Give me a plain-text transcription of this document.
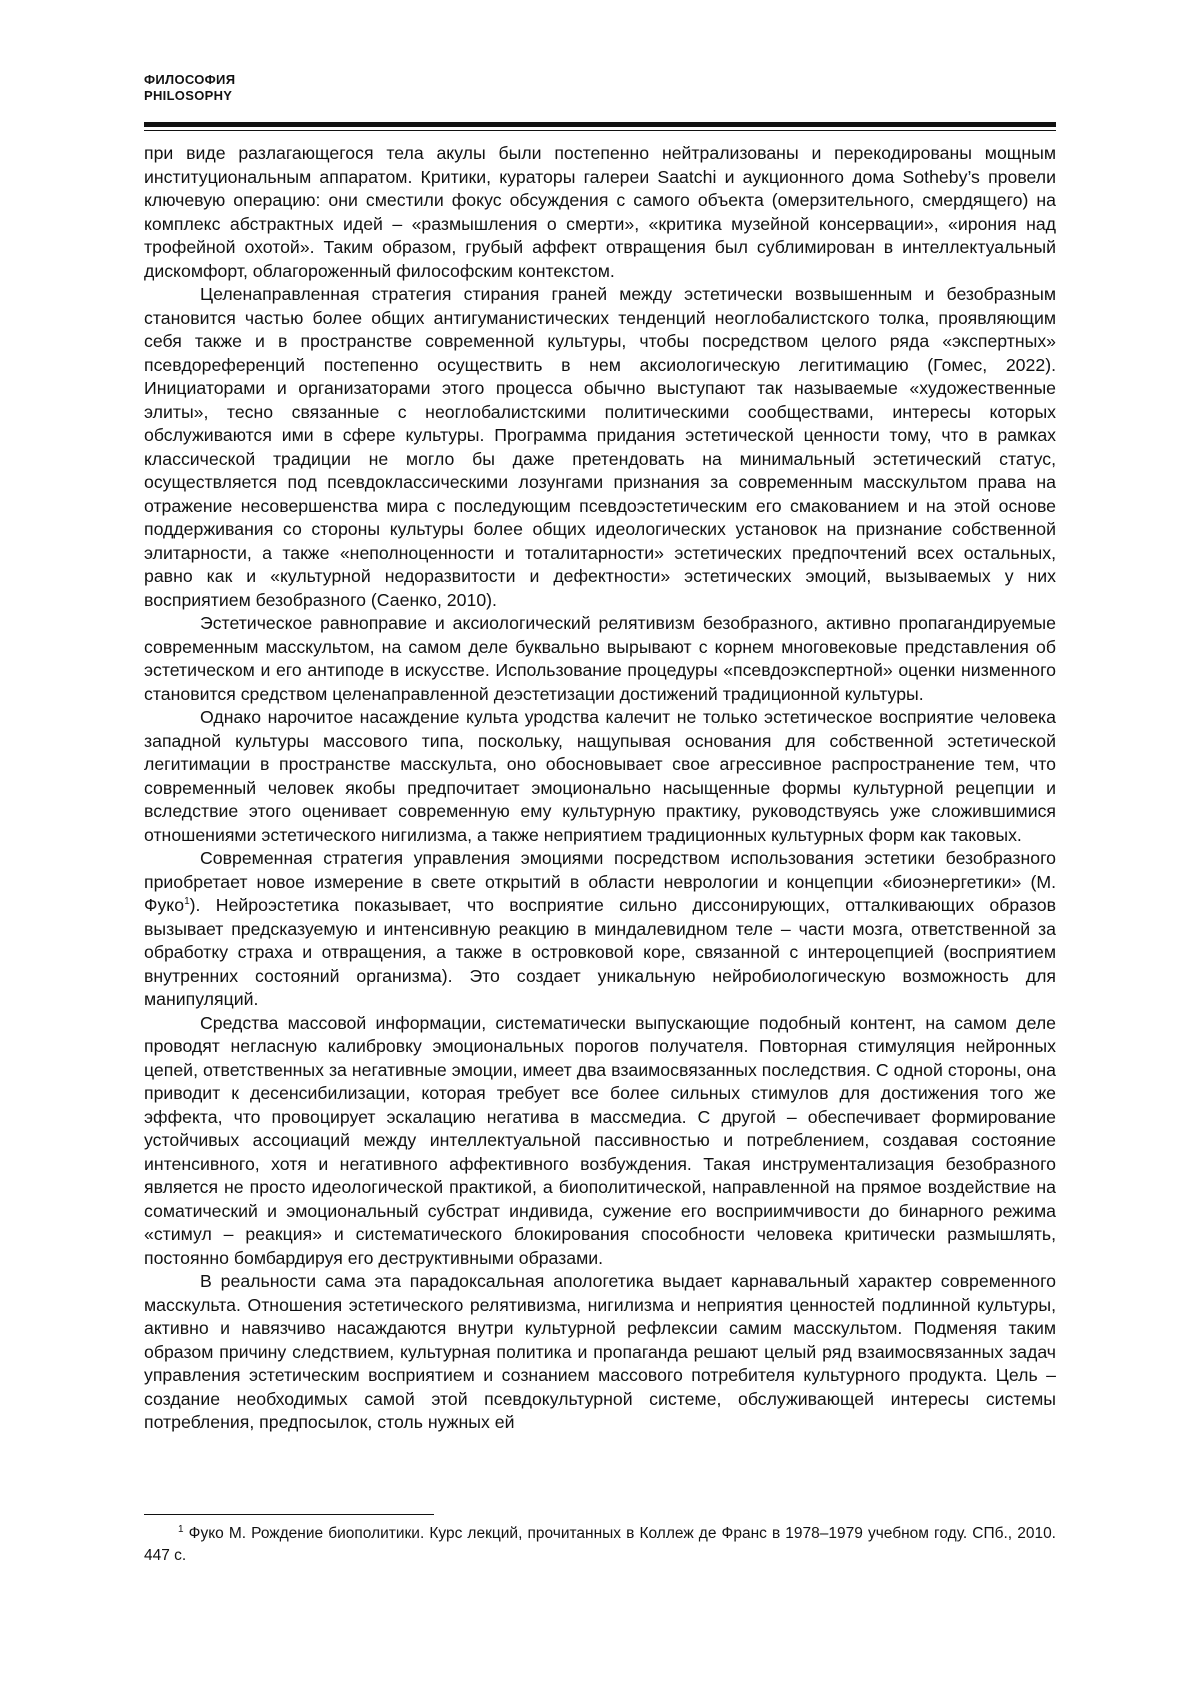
ФИЛОСОФИЯ
PHILOSOPHY

при виде разлагающегося тела акулы были постепенно нейтрализованы и перекодированы мощным институциональным аппаратом. Критики, кураторы галереи Saatchi и аукционного дома Sotheby’s провели ключевую операцию: они сместили фокус обсуждения с самого объекта (омерзительного, смердящего) на комплекс абстрактных идей – «размышления о смерти», «критика музейной консервации», «ирония над трофейной охотой». Таким образом, грубый аффект отвращения был сублимирован в интеллектуальный дискомфорт, облагороженный философским контекстом.

Целенаправленная стратегия стирания граней между эстетически возвышенным и безобразным становится частью более общих антигуманистических тенденций неоглобалистского толка, проявляющим себя также и в пространстве современной культуры, чтобы посредством целого ряда «экспертных» псевдореференций постепенно осуществить в нем аксиологическую легитимацию (Гомес, 2022). Инициаторами и организаторами этого процесса обычно выступают так называемые «художественные элиты», тесно связанные с неоглобалистскими политическими сообществами, интересы которых обслуживаются ими в сфере культуры. Программа придания эстетической ценности тому, что в рамках классической традиции не могло бы даже претендовать на минимальный эстетический статус, осуществляется под псевдоклассическими лозунгами признания за современным масскультом права на отражение несовершенства мира с последующим псевдоэстетическим его смакованием и на этой основе поддерживания со стороны культуры более общих идеологических установок на признание собственной элитарности, а также «неполноценности и тоталитарности» эстетических предпочтений всех остальных, равно как и «культурной недоразвитости и дефектности» эстетических эмоций, вызываемых у них восприятием безобразного (Саенко, 2010).

Эстетическое равноправие и аксиологический релятивизм безобразного, активно пропагандируемые современным масскультом, на самом деле буквально вырывают с корнем многовековые представления об эстетическом и его антиподе в искусстве. Использование процедуры «псевдоэкспертной» оценки низменного становится средством целенаправленной деэстетизации достижений традиционной культуры.

Однако нарочитое насаждение культа уродства калечит не только эстетическое восприятие человека западной культуры массового типа, поскольку, нащупывая основания для собственной эстетической легитимации в пространстве масскульта, оно обосновывает свое агрессивное распространение тем, что современный человек якобы предпочитает эмоционально насыщенные формы культурной рецепции и вследствие этого оценивает современную ему культурную практику, руководствуясь уже сложившимися отношениями эстетического нигилизма, а также неприятием традиционных культурных форм как таковых.

Современная стратегия управления эмоциями посредством использования эстетики безобразного приобретает новое измерение в свете открытий в области неврологии и концепции «биоэнергетики» (М. Фуко$^1$). Нейроэстетика показывает, что восприятие сильно диссонирующих, отталкивающих образов вызывает предсказуемую и интенсивную реакцию в миндалевидном теле – части мозга, ответственной за обработку страха и отвращения, а также в островковой коре, связанной с интероцепцией (восприятием внутренних состояний организма). Это создает уникальную нейробиологическую возможность для манипуляций.

Средства массовой информации, систематически выпускающие подобный контент, на самом деле проводят негласную калибровку эмоциональных порогов получателя. Повторная стимуляция нейронных цепей, ответственных за негативные эмоции, имеет два взаимосвязанных последствия. С одной стороны, она приводит к десенсибилизации, которая требует все более сильных стимулов для достижения того же эффекта, что провоцирует эскалацию негатива в массмедиа. С другой – обеспечивает формирование устойчивых ассоциаций между интеллектуальной пассивностью и потреблением, создавая состояние интенсивного, хотя и негативного аффективного возбуждения. Такая инструментализация безобразного является не просто идеологической практикой, а биополитической, направленной на прямое воздействие на соматический и эмоциональный субстрат индивида, сужение его восприимчивости до бинарного режима «стимул – реакция» и систематического блокирования способности человека критически размышлять, постоянно бомбардируя его деструктивными образами.

В реальности сама эта парадоксальная апологетика выдает карнавальный характер современного масскульта. Отношения эстетического релятивизма, нигилизма и неприятия ценностей подлинной культуры, активно и навязчиво насаждаются внутри культурной рефлексии самим масскультом. Подменяя таким образом причину следствием, культурная политика и пропаганда решают целый ряд взаимосвязанных задач управления эстетическим восприятием и сознанием массового потребителя культурного продукта. Цель – создание необходимых самой этой псевдокультурной системе, обслуживающей интересы системы потребления, предпосылок, столь нужных ей

$^1$ Фуко М. Рождение биополитики. Курс лекций, прочитанных в Коллеж де Франс в 1978–1979 учебном году. СПб., 2010. 447 с.
